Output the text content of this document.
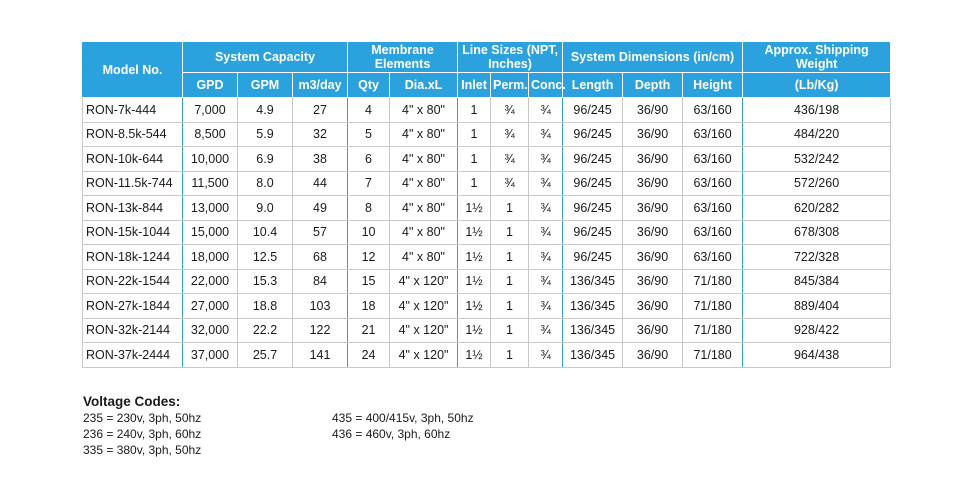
Model No.	System Capacity			Membrane Elements		Line Sizes (NPT, Inches)			System Dimensions (in/cm)			Approx. Shipping Weight
	GPD	GPM	m3/day	Qty	Dia.xL	Inlet	Perm.	Conc.	Length	Depth	Height	(Lb/Kg)
RON-7k-444	7,000	4.9	27	4	4" x 80"	1	¾	¾	96/245	36/90	63/160	436/198
RON-8.5k-544	8,500	5.9	32	5	4" x 80"	1	¾	¾	96/245	36/90	63/160	484/220
RON-10k-644	10,000	6.9	38	6	4" x 80"	1	¾	¾	96/245	36/90	63/160	532/242
RON-11.5k-744	11,500	8.0	44	7	4" x 80"	1	¾	¾	96/245	36/90	63/160	572/260
RON-13k-844	13,000	9.0	49	8	4" x 80"	1½	1	¾	96/245	36/90	63/160	620/282
RON-15k-1044	15,000	10.4	57	10	4" x 80"	1½	1	¾	96/245	36/90	63/160	678/308
RON-18k-1244	18,000	12.5	68	12	4" x 80"	1½	1	¾	96/245	36/90	63/160	722/328
RON-22k-1544	22,000	15.3	84	15	4" x 120"	1½	1	¾	136/345	36/90	71/180	845/384
RON-27k-1844	27,000	18.8	103	18	4" x 120"	1½	1	¾	136/345	36/90	71/180	889/404
RON-32k-2144	32,000	22.2	122	21	4" x 120"	1½	1	¾	136/345	36/90	71/180	928/422
RON-37k-2444	37,000	25.7	141	24	4" x 120"	1½	1	¾	136/345	36/90	71/180	964/438
Voltage Codes:
235 = 230v, 3ph, 50hz
236 = 240v, 3ph, 60hz
335 = 380v, 3ph, 50hz
435 = 400/415v, 3ph, 50hz
436 = 460v, 3ph, 60hz
